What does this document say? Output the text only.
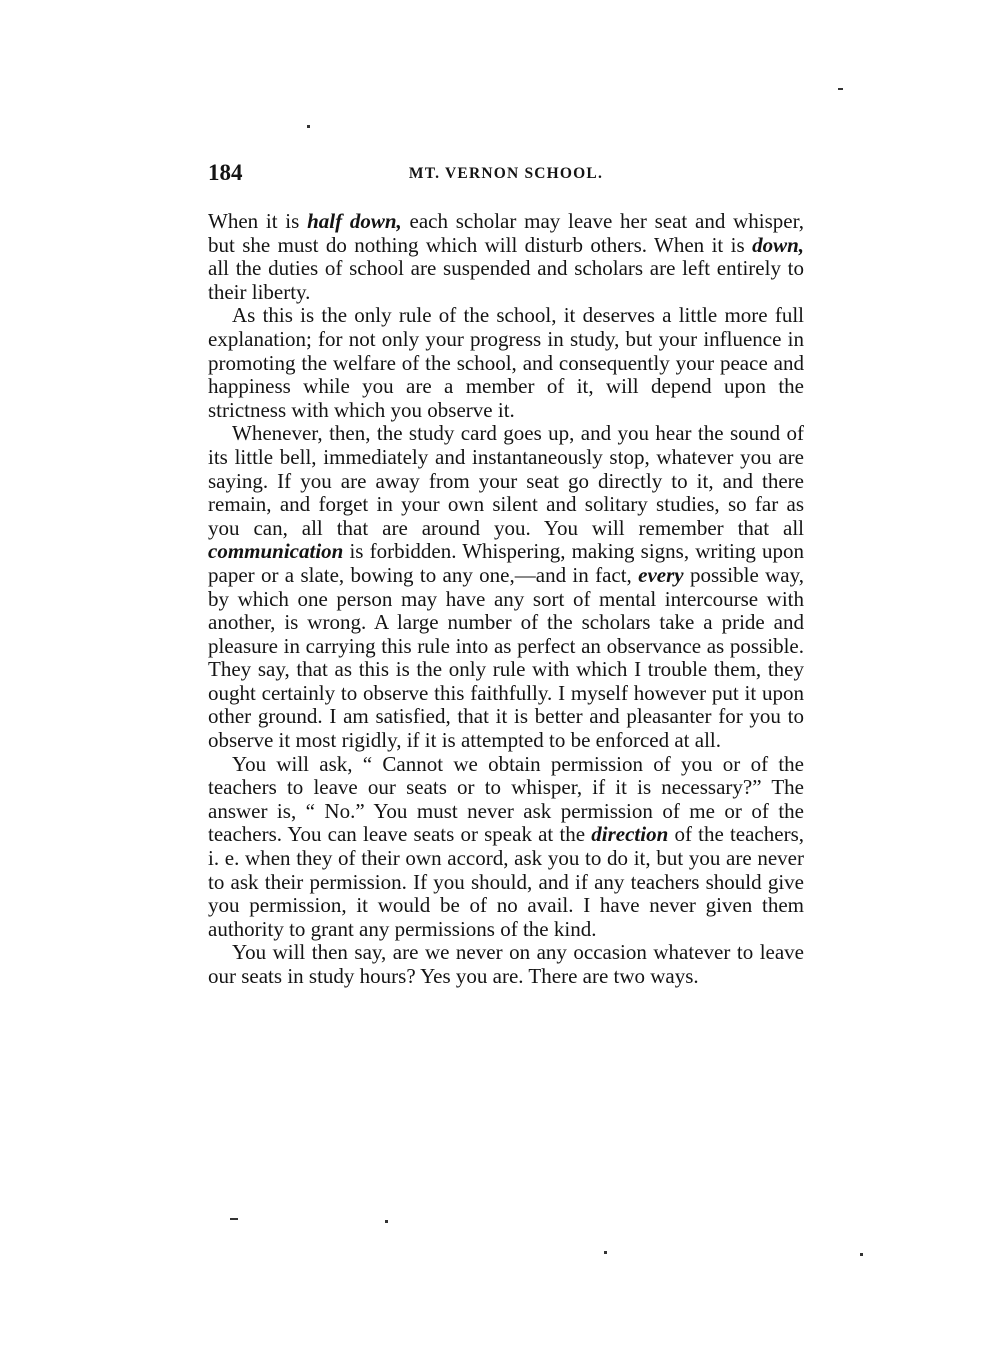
184	MT. VERNON SCHOOL.

When it is half down, each scholar may leave her seat and whisper, but she must do nothing which will disturb others. When it is down, all the duties of school are suspended and scholars are left entirely to their liberty.

As this is the only rule of the school, it deserves a little more full explanation; for not only your progress in study, but your influence in promoting the welfare of the school, and consequently your peace and happiness while you are a member of it, will depend upon the strictness with which you observe it.

Whenever, then, the study card goes up, and you hear the sound of its little bell, immediately and instantaneously stop, whatever you are saying. If you are away from your seat go directly to it, and there remain, and forget in your own silent and solitary studies, so far as you can, all that are around you. You will remember that all communication is forbidden. Whispering, making signs, writing upon paper or a slate, bowing to any one,—and in fact, every possible way, by which one person may have any sort of mental intercourse with another, is wrong. A large number of the scholars take a pride and pleasure in carrying this rule into as perfect an observance as possible. They say, that as this is the only rule with which I trouble them, they ought certainly to observe this faithfully. I myself however put it upon other ground. I am satisfied, that it is better and pleasanter for you to observe it most rigidly, if it is attempted to be enforced at all.

You will ask, “ Cannot we obtain permission of you or of the teachers to leave our seats or to whisper, if it is necessary?” The answer is, “ No.” You must never ask permission of me or of the teachers. You can leave seats or speak at the direction of the teachers, i. e. when they of their own accord, ask you to do it, but you are never to ask their permission. If you should, and if any teachers should give you permission, it would be of no avail. I have never given them authority to grant any permissions of the kind.

You will then say, are we never on any occasion whatever to leave our seats in study hours? Yes you are. There are two ways.
